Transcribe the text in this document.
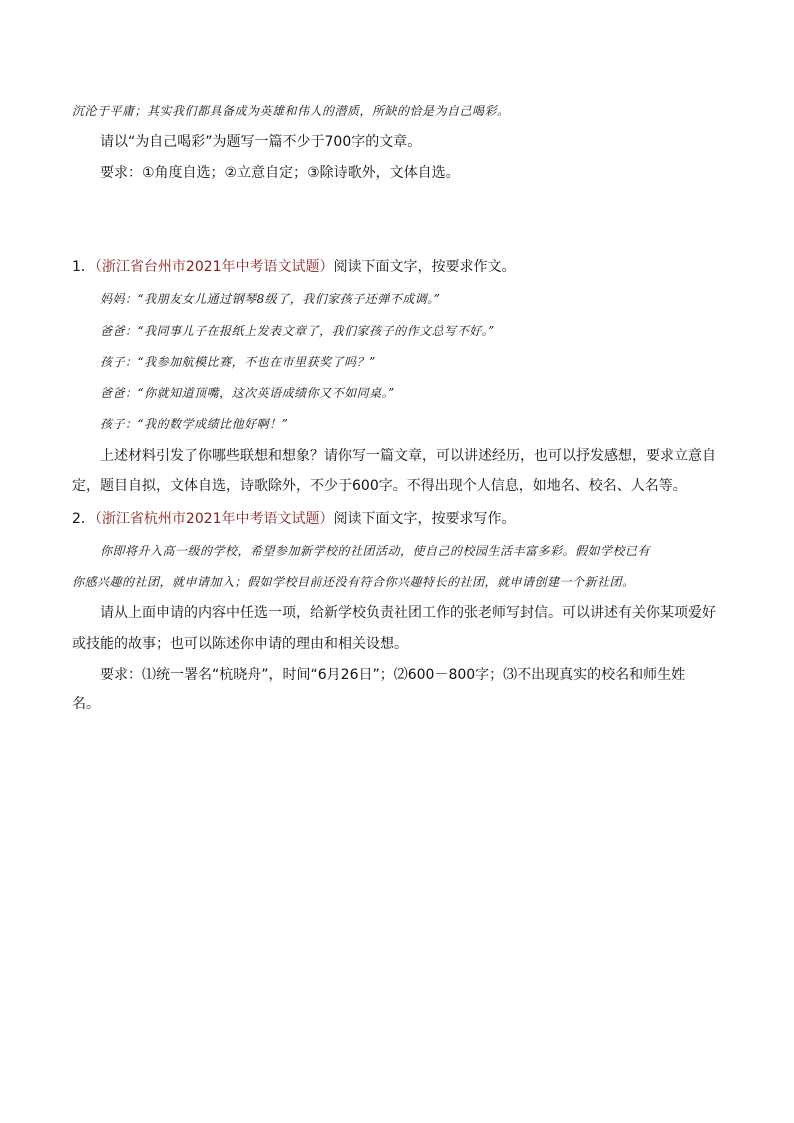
沉沦于平庸；其实我们都具备成为英雄和伟人的潜质，所缺的恰是为自己喝彩。
请以“为自己喝彩”为题写一篇不少于700字的文章。
要求：①角度自选；②立意自定；③除诗歌外，文体自选。
1．（浙江省台州市2021年中考语文试题）阅读下面文字，按要求作文。
妈妈：“我朋友女儿通过钢琴8级了，我们家孩子还弹不成调。”
爸爸：“我同事儿子在报纸上发表文章了，我们家孩子的作文总写不好。”
孩子：“我参加航模比赛，不也在市里获奖了吗？”
爸爸：“你就知道顶嘴，这次英语成绩你又不如同桌。”
孩子：“我的数学成绩比他好啊！”
上述材料引发了你哪些联想和想象？请你写一篇文章，可以讲述经历，也可以抒发感想，要求立意自
定，题目自拟，文体自选，诗歌除外，不少于600字。不得出现个人信息，如地名、校名、人名等。
2．（浙江省杭州市2021年中考语文试题）阅读下面文字，按要求写作。
你即将升入高一级的学校，希望参加新学校的社团活动，使自己的校园生活丰富多彩。假如学校已有
你感兴趣的社团，就申请加入；假如学校目前还没有符合你兴趣特长的社团，就申请创建一个新社团。
请从上面申请的内容中任选一项，给新学校负责社团工作的张老师写封信。可以讲述有关你某项爱好
或技能的故事；也可以陈述你申请的理由和相关设想。
要求：⑴统一署名“杭晓舟”，时间“6月26日”；⑵600－800字；⑶不出现真实的校名和师生姓
名。
